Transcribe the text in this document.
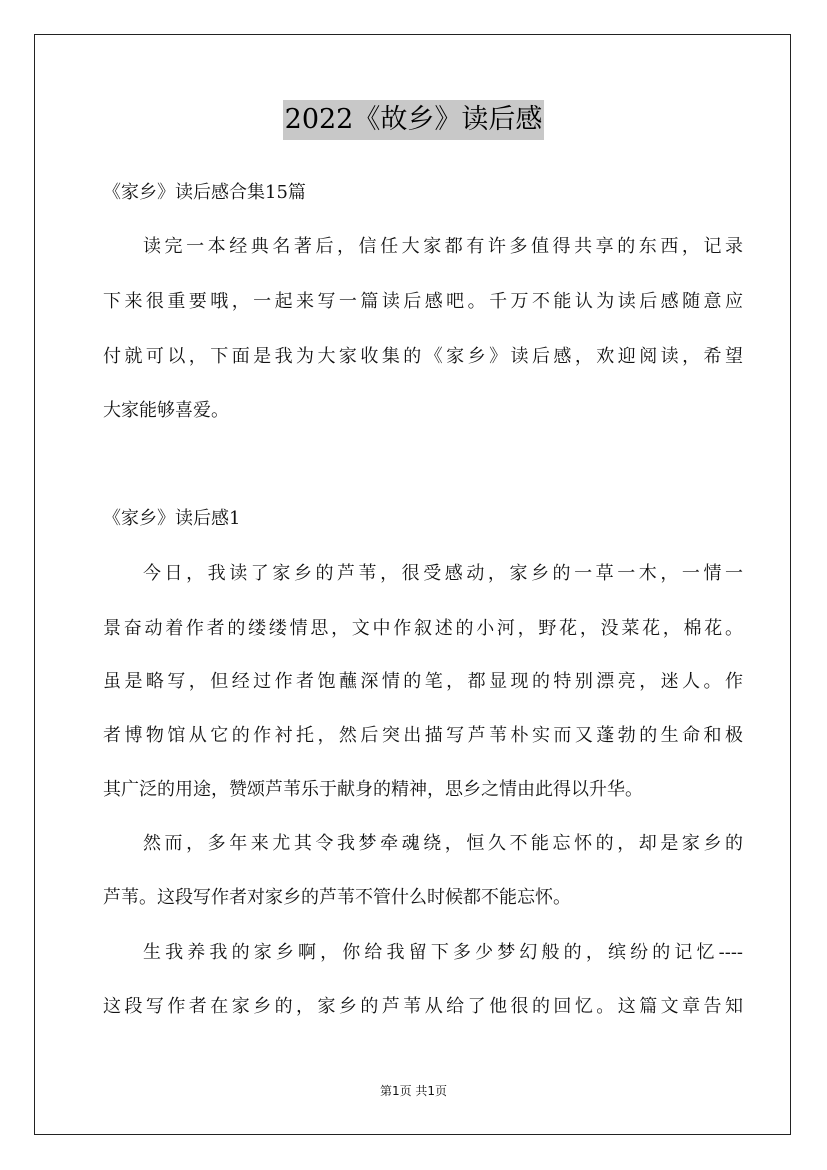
2022《故乡》读后感
《家乡》读后感合集15篇
读完一本经典名著后，信任大家都有许多值得共享的东西，记录
下来很重要哦，一起来写一篇读后感吧。千万不能认为读后感随意应
付就可以，下面是我为大家收集的《家乡》读后感，欢迎阅读，希望
大家能够喜爱。
《家乡》读后感1
今日，我读了家乡的芦苇，很受感动，家乡的一草一木，一情一
景奋动着作者的缕缕情思，文中作叙述的小河，野花，没菜花，棉花。
虽是略写，但经过作者饱蘸深情的笔，都显现的特别漂亮，迷人。作
者博物馆从它的作衬托，然后突出描写芦苇朴实而又蓬勃的生命和极
其广泛的用途，赞颂芦苇乐于献身的精神，思乡之情由此得以升华。
然而，多年来尤其令我梦牵魂绕，恒久不能忘怀的，却是家乡的
芦苇。这段写作者对家乡的芦苇不管什么时候都不能忘怀。
生我养我的家乡啊，你给我留下多少梦幻般的，缤纷的记忆----
这段写作者在家乡的，家乡的芦苇从给了他很的回忆。这篇文章告知
第1页 共1页
